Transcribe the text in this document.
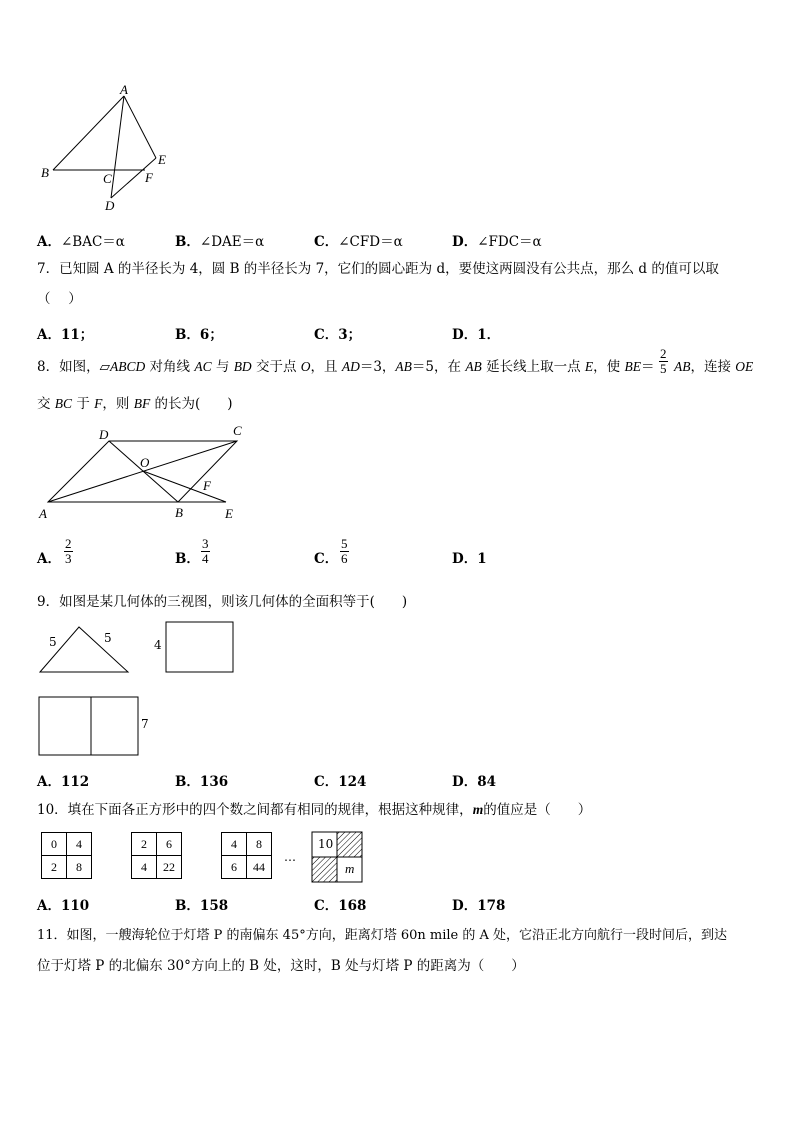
A
B	C
D
E
F
A．∠BAC＝α	B．∠DAE＝α	C．∠CFD＝α	D．∠FDC＝α
7．已知圆 A 的半径长为 4，圆 B 的半径长为 7，它们的圆心距为 d，要使这两圆没有公共点，那么 d 的值可以取
（　 ）
A．11；	B．6；	C．3；	D．1．
8．如图，▱ABCD 对角线 AC 与 BD 交于点 O，且 AD＝3，AB＝5，在 AB 延长线上取一点 E，使 $BE= \frac{2}{5}$ AB，连接 OE
交 BC 于 F，则 BF 的长为(　　)
D	C
O
F
A	B	E
A． $\frac{2}{3}$	B． $\frac{3}{4}$	C． $\frac{5}{6}$	D．1
9．如图是某几何体的三视图，则该几何体的全面积等于(　　)
5	5	4
7
A．112	B．136	C．124	D．84
10．填在下面各正方形中的四个数之间都有相同的规律，根据这种规律，m的值应是（　　）
0	4
2	8
2	6
4	22
4	8
6	44
…
10
m
A．110	B．158	C．168	D．178
11．如图，一艘海轮位于灯塔 P 的南偏东 45°方向，距离灯塔 60n mile 的 A 处，它沿正北方向航行一段时间后，到达
位于灯塔 P 的北偏东 30°方向上的 B 处，这时，B 处与灯塔 P 的距离为（　　）
